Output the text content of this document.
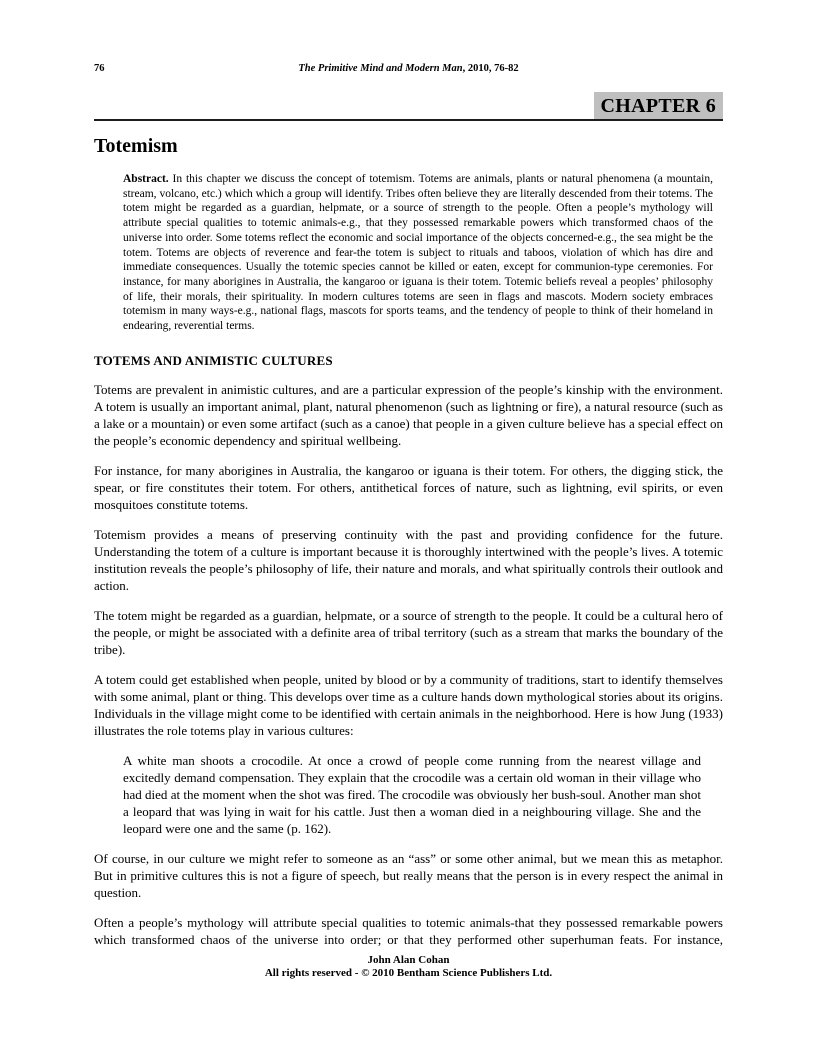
76	The Primitive Mind and Modern Man, 2010, 76-82
CHAPTER 6
Totemism

Abstract. In this chapter we discuss the concept of totemism. Totems are animals, plants or natural phenomena (a mountain, stream, volcano, etc.) which which a group will identify. Tribes often believe they are literally descended from their totems. The totem might be regarded as a guardian, helpmate, or a source of strength to the people. Often a people’s mythology will attribute special qualities to totemic animals-e.g., that they possessed remarkable powers which transformed chaos of the universe into order. Some totems reflect the economic and social importance of the objects concerned-e.g., the sea might be the totem. Totems are objects of reverence and fear-the totem is subject to rituals and taboos, violation of which has dire and immediate consequences. Usually the totemic species cannot be killed or eaten, except for communion-type ceremonies. For instance, for many aborigines in Australia, the kangaroo or iguana is their totem. Totemic beliefs reveal a peoples’ philosophy of life, their morals, their spirituality. In modern cultures totems are seen in flags and mascots. Modern society embraces totemism in many ways-e.g., national flags, mascots for sports teams, and the tendency of people to think of their homeland in endearing, reverential terms.

TOTEMS AND ANIMISTIC CULTURES

Totems are prevalent in animistic cultures, and are a particular expression of the people’s kinship with the environment. A totem is usually an important animal, plant, natural phenomenon (such as lightning or fire), a natural resource (such as a lake or a mountain) or even some artifact (such as a canoe) that people in a given culture believe has a special effect on the people’s economic dependency and spiritual wellbeing.

For instance, for many aborigines in Australia, the kangaroo or iguana is their totem. For others, the digging stick, the spear, or fire constitutes their totem. For others, antithetical forces of nature, such as lightning, evil spirits, or even mosquitoes constitute totems.

Totemism provides a means of preserving continuity with the past and providing confidence for the future. Understanding the totem of a culture is important because it is thoroughly intertwined with the people’s lives. A totemic institution reveals the people’s philosophy of life, their nature and morals, and what spiritually controls their outlook and action.

The totem might be regarded as a guardian, helpmate, or a source of strength to the people. It could be a cultural hero of the people, or might be associated with a definite area of tribal territory (such as a stream that marks the boundary of the tribe).

A totem could get established when people, united by blood or by a community of traditions, start to identify themselves with some animal, plant or thing. This develops over time as a culture hands down mythological stories about its origins. Individuals in the village might come to be identified with certain animals in the neighborhood. Here is how Jung (1933) illustrates the role totems play in various cultures:

A white man shoots a crocodile. At once a crowd of people come running from the nearest village and excitedly demand compensation. They explain that the crocodile was a certain old woman in their village who had died at the moment when the shot was fired. The crocodile was obviously her bush-soul. Another man shot a leopard that was lying in wait for his cattle. Just then a woman died in a neighbouring village. She and the leopard were one and the same (p. 162).

Of course, in our culture we might refer to someone as an “ass” or some other animal, but we mean this as metaphor. But in primitive cultures this is not a figure of speech, but really means that the person is in every respect the animal in question.

Often a people’s mythology will attribute special qualities to totemic animals-that they possessed remarkable powers which transformed chaos of the universe into order; or that they performed other superhuman feats. For instance,

John Alan Cohan
All rights reserved - © 2010 Bentham Science Publishers Ltd.
